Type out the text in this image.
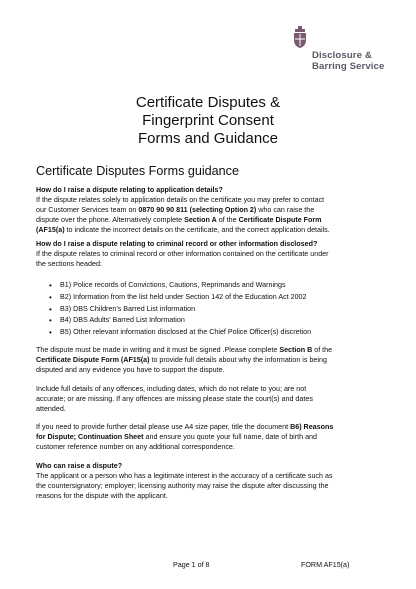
Disclosure &
Barring Service
Certificate Disputes &
Fingerprint Consent
Forms and Guidance
Certificate Disputes Forms guidance

How do I raise a dispute relating to application details?

If the dispute relates solely to application details on the certificate you may prefer to contact

our Customer Services team on 0870 90 90 811 (selecting Option 2) who can raise the

dispute over the phone. Alternatively complete Section A of the Certificate Dispute Form

(AF15(a) to indicate the incorrect details on the certificate, and the correct application details.

How do I raise a dispute relating to criminal record or other information disclosed?

If the dispute relates to criminal record or other information contained on the certificate under

the sections headed:

• B1) Police records of Convictions, Cautions, Reprimands and Warnings
• B2) Information from the list held under Section 142 of the Education Act 2002
• B3) DBS Children's Barred List information
• B4) DBS Adults' Barred List Information
• B5) Other relevant information disclosed at the Chief Police Officer(s) discretion

The dispute must be made in writing and it must be signed .Please complete Section B of the

Certificate Dispute Form (AF15(a) to provide full details about why the information is being

disputed and any evidence you have to support the dispute.

Include full details of any offences, including dates, which do not relate to you; are not

accurate; or are missing. If any offences are missing please state the court(s) and dates

attended.

If you need to provide further detail please use A4 size paper, title the document B6) Reasons

for Dispute; Continuation Sheet and ensure you quote your full name, date of birth and

customer reference number on any additional correspondence.

Who can raise a dispute?

The applicant or a person who has a legitimate interest in the accuracy of a certificate such as

the countersignatory; employer; licensing authority may raise the dispute after discussing the

reasons for the dispute with the applicant.

Page 1 of 8	FORM AF15(a)
